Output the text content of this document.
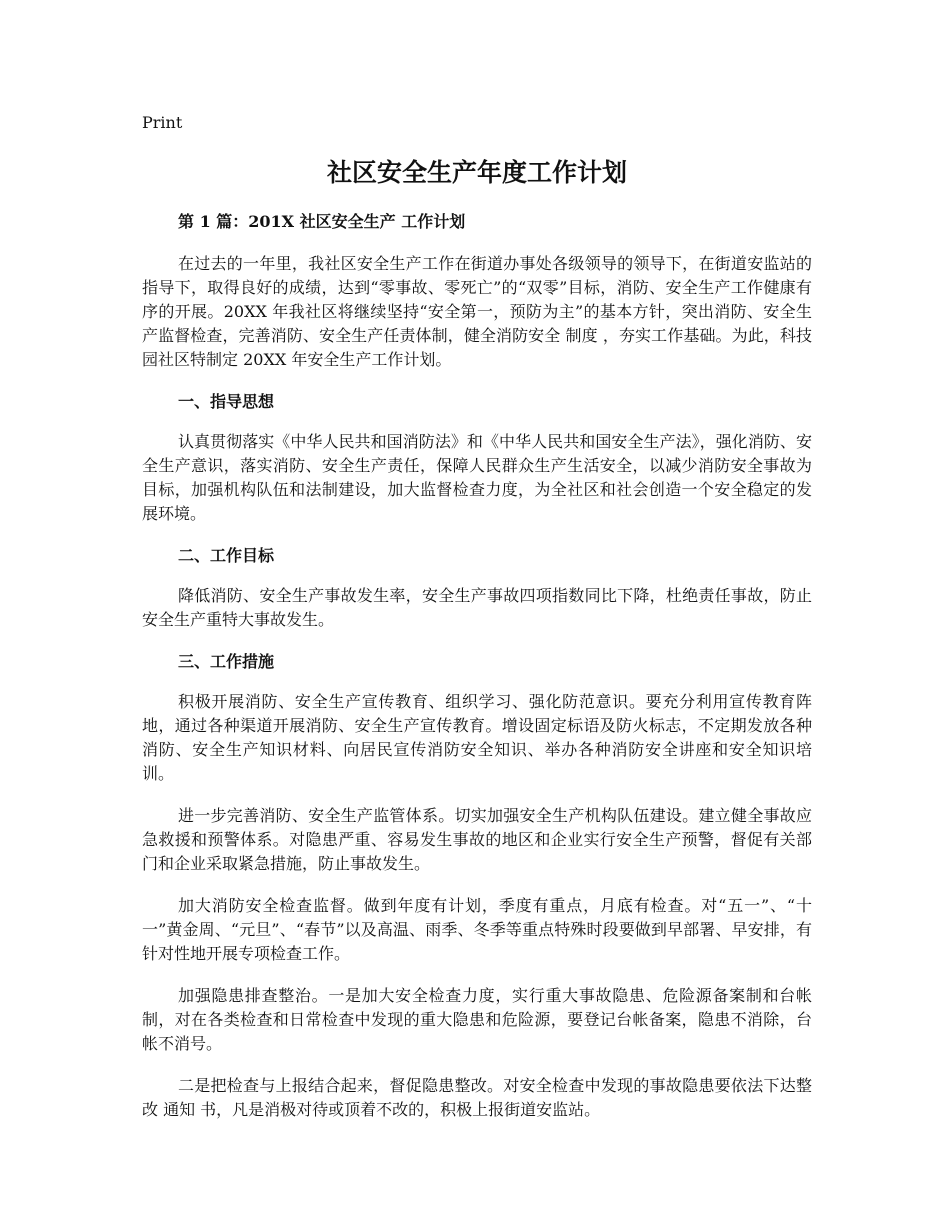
Print
社区安全生产年度工作计划
第 1 篇：201X 社区安全生产 工作计划

在过去的一年里，我社区安全生产工作在街道办事处各级领导的领导下，在街道安监站的指导下，取得良好的成绩，达到“零事故、零死亡”的“双零”目标，消防、安全生产工作健康有序的开展。20XX 年我社区将继续坚持“安全第一，预防为主”的基本方针，突出消防、安全生产监督检查，完善消防、安全生产任责体制，健全消防安全 制度 ，夯实工作基础。为此，科技园社区特制定 20XX 年安全生产工作计划。

一、指导思想

认真贯彻落实《中华人民共和国消防法》和《中华人民共和国安全生产法》，强化消防、安全生产意识，落实消防、安全生产责任，保障人民群众生产生活安全，以减少消防安全事故为目标，加强机构队伍和法制建设，加大监督检查力度，为全社区和社会创造一个安全稳定的发展环境。

二、工作目标

降低消防、安全生产事故发生率，安全生产事故四项指数同比下降，杜绝责任事故，防止安全生产重特大事故发生。

三、工作措施

积极开展消防、安全生产宣传教育、组织学习、强化防范意识。要充分利用宣传教育阵地，通过各种渠道开展消防、安全生产宣传教育。增设固定标语及防火标志，不定期发放各种消防、安全生产知识材料、向居民宣传消防安全知识、举办各种消防安全讲座和安全知识培训。

进一步完善消防、安全生产监管体系。切实加强安全生产机构队伍建设。建立健全事故应急救援和预警体系。对隐患严重、容易发生事故的地区和企业实行安全生产预警，督促有关部门和企业采取紧急措施，防止事故发生。

加大消防安全检查监督。做到年度有计划，季度有重点，月底有检查。对“五一”、“十一”黄金周、“元旦”、“春节”以及高温、雨季、冬季等重点特殊时段要做到早部署、早安排，有针对性地开展专项检查工作。

加强隐患排查整治。一是加大安全检查力度，实行重大事故隐患、危险源备案制和台帐制，对在各类检查和日常检查中发现的重大隐患和危险源，要登记台帐备案，隐患不消除，台帐不消号。

二是把检查与上报结合起来，督促隐患整改。对安全检查中发现的事故隐患要依法下达整改 通知 书，凡是消极对待或顶着不改的，积极上报街道安监站。
